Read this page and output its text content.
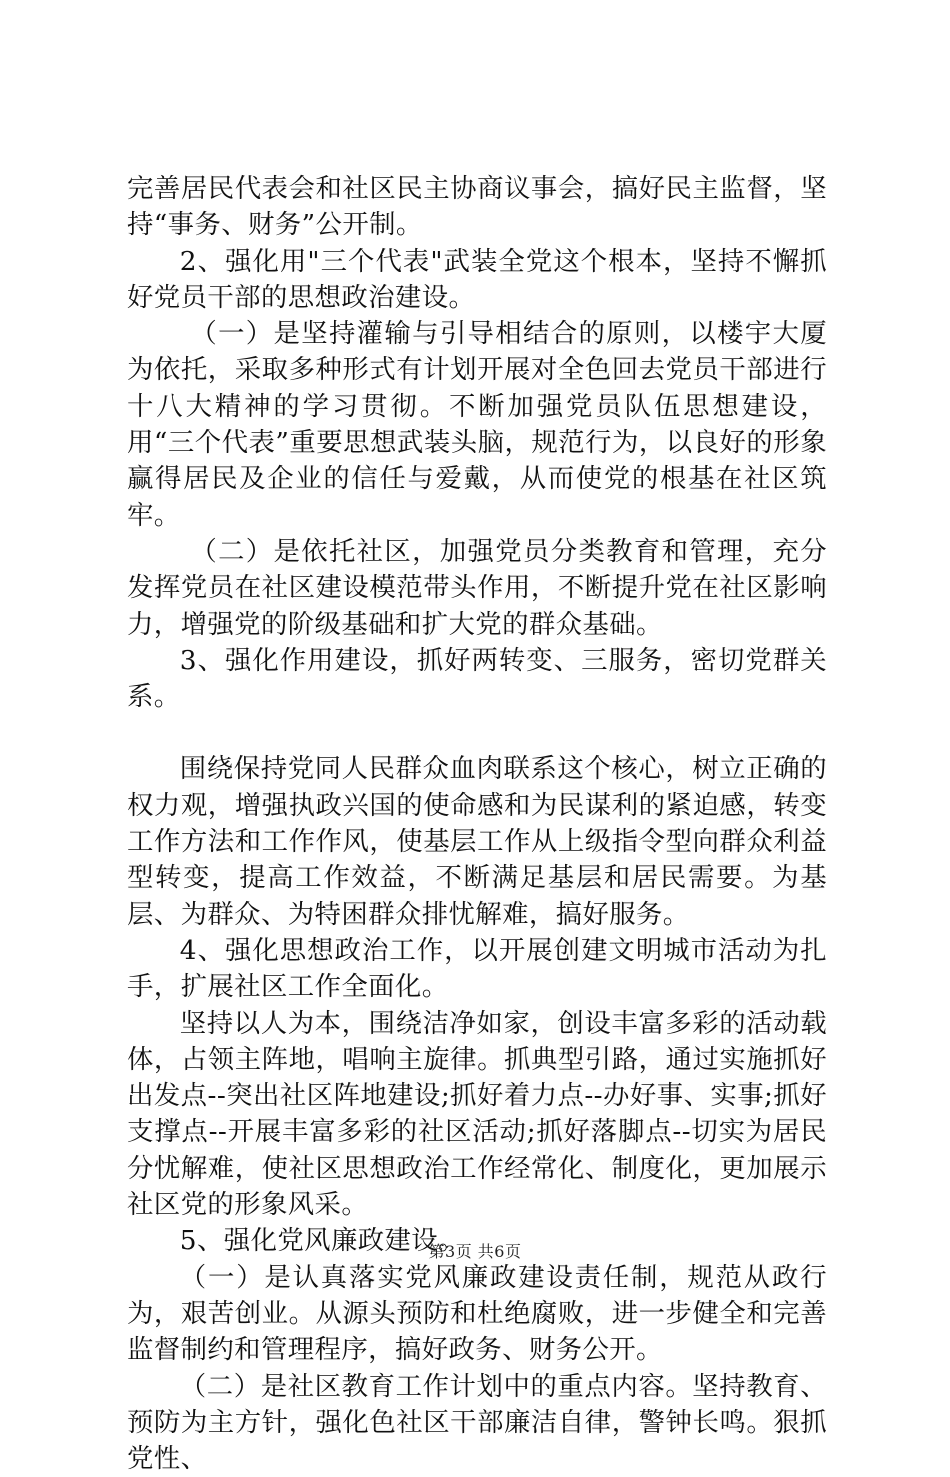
完善居民代表会和社区民主协商议事会，搞好民主监督，坚持“事务、财务”公开制。

2、强化用"三个代表"武装全党这个根本，坚持不懈抓好党员干部的思想政治建设。

（一）是坚持灌输与引导相结合的原则，以楼宇大厦为依托，采取多种形式有计划开展对全色回去党员干部进行十八大精神的学习贯彻。不断加强党员队伍思想建设，用“三个代表”重要思想武装头脑，规范行为，以良好的形象赢得居民及企业的信任与爱戴，从而使党的根基在社区筑牢。

（二）是依托社区，加强党员分类教育和管理，充分发挥党员在社区建设模范带头作用，不断提升党在社区影响力，增强党的阶级基础和扩大党的群众基础。

3、强化作用建设，抓好两转变、三服务，密切党群关系。

围绕保持党同人民群众血肉联系这个核心，树立正确的权力观，增强执政兴国的使命感和为民谋利的紧迫感，转变工作方法和工作作风，使基层工作从上级指令型向群众利益型转变，提高工作效益，不断满足基层和居民需要。为基层、为群众、为特困群众排忧解难，搞好服务。

4、强化思想政治工作，以开展创建文明城市活动为扎手，扩展社区工作全面化。

坚持以人为本，围绕洁净如家，创设丰富多彩的活动载体，占领主阵地，唱响主旋律。抓典型引路，通过实施抓好出发点--突出社区阵地建设;抓好着力点--办好事、实事;抓好支撑点--开展丰富多彩的社区活动;抓好落脚点--切实为居民分忧解难，使社区思想政治工作经常化、制度化，更加展示社区党的形象风采。

5、强化党风廉政建设。

（一）是认真落实党风廉政建设责任制，规范从政行为，艰苦创业。从源头预防和杜绝腐败，进一步健全和完善监督制约和管理程序，搞好政务、财务公开。

（二）是社区教育工作计划中的重点内容。坚持教育、预防为主方针，强化色社区干部廉洁自律，警钟长鸣。狠抓党性、

第3页 共6页
